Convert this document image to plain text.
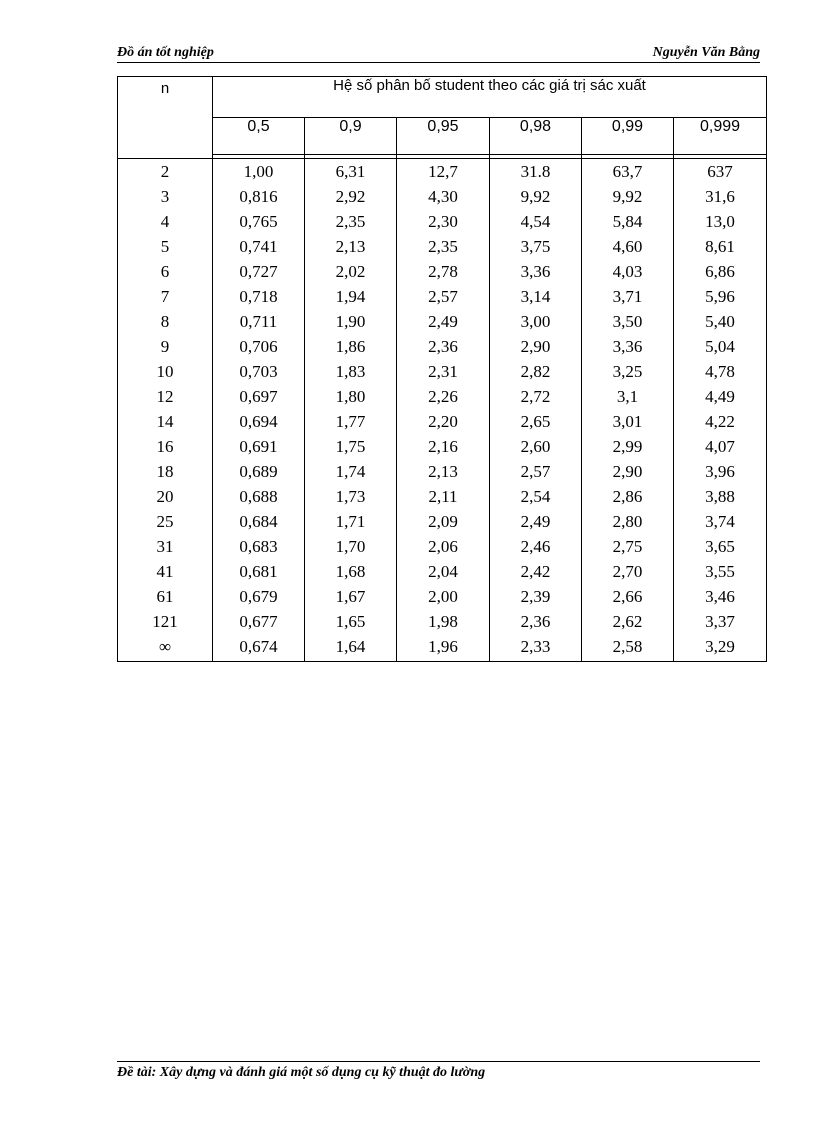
Đồ án tốt nghiệp	Nguyễn Văn Bằng
n	Hệ số phân bố student theo các giá trị sác xuất					
	0,5	0,9	0,95	0,98	0,99	0,999

2	1,00	6,31	12,7	31.8	63,7	637
3	0,816	2,92	4,30	9,92	9,92	31,6
4	0,765	2,35	2,30	4,54	5,84	13,0
5	0,741	2,13	2,35	3,75	4,60	8,61
6	0,727	2,02	2,78	3,36	4,03	6,86
7	0,718	1,94	2,57	3,14	3,71	5,96
8	0,711	1,90	2,49	3,00	3,50	5,40
9	0,706	1,86	2,36	2,90	3,36	5,04
10	0,703	1,83	2,31	2,82	3,25	4,78
12	0,697	1,80	2,26	2,72	3,1	4,49
14	0,694	1,77	2,20	2,65	3,01	4,22
16	0,691	1,75	2,16	2,60	2,99	4,07
18	0,689	1,74	2,13	2,57	2,90	3,96
20	0,688	1,73	2,11	2,54	2,86	3,88
25	0,684	1,71	2,09	2,49	2,80	3,74
31	0,683	1,70	2,06	2,46	2,75	3,65
41	0,681	1,68	2,04	2,42	2,70	3,55
61	0,679	1,67	2,00	2,39	2,66	3,46
121	0,677	1,65	1,98	2,36	2,62	3,37
∞	0,674	1,64	1,96	2,33	2,58	3,29
Đề tài: Xây dựng và đánh giá một số dụng cụ kỹ thuật đo lường
